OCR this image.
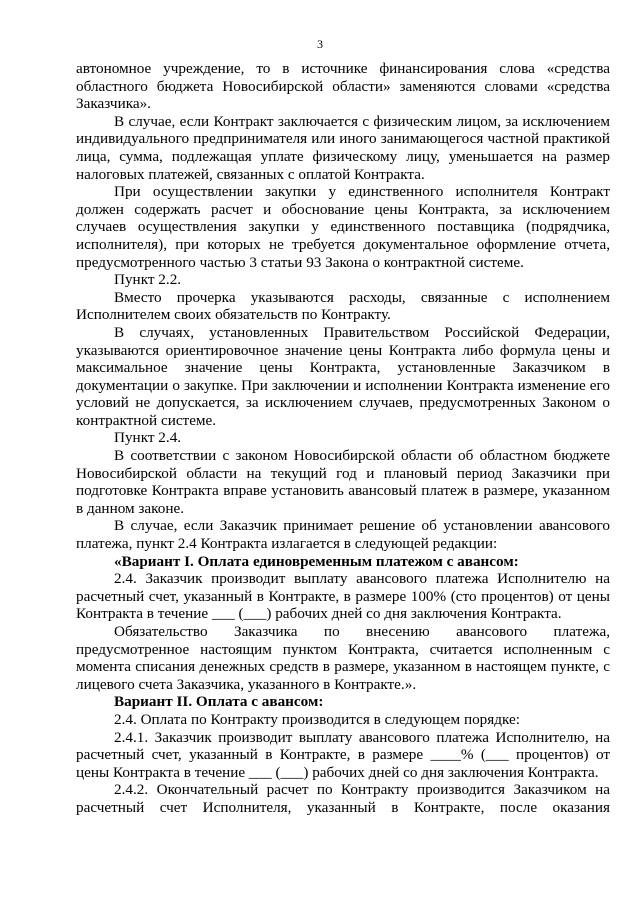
3

автономное учреждение, то в источнике финансирования слова «средства областного бюджета Новосибирской области» заменяются словами «средства Заказчика».

В случае, если Контракт заключается с физическим лицом, за исключением индивидуального предпринимателя или иного занимающегося частной практикой лица, сумма, подлежащая уплате физическому лицу, уменьшается на размер налоговых платежей, связанных с оплатой Контракта.

При осуществлении закупки у единственного исполнителя Контракт должен содержать расчет и обоснование цены Контракта, за исключением случаев осуществления закупки у единственного поставщика (подрядчика, исполнителя), при которых не требуется документальное оформление отчета, предусмотренного частью 3 статьи 93 Закона о контрактной системе.

Пункт 2.2.

Вместо прочерка указываются расходы, связанные с исполнением Исполнителем своих обязательств по Контракту.

В случаях, установленных Правительством Российской Федерации, указываются ориентировочное значение цены Контракта либо формула цены и максимальное значение цены Контракта, установленные Заказчиком в документации о закупке. При заключении и исполнении Контракта изменение его условий не допускается, за исключением случаев, предусмотренных Законом о контрактной системе.

Пункт 2.4.

В соответствии с законом Новосибирской области об областном бюджете Новосибирской области на текущий год и плановый период Заказчики при подготовке Контракта вправе установить авансовый платеж в размере, указанном в данном законе.

В случае, если Заказчик принимает решение об установлении авансового платежа, пункт 2.4 Контракта излагается в следующей редакции:

«Вариант I. Оплата единовременным платежом с авансом:

2.4. Заказчик производит выплату авансового платежа Исполнителю на расчетный счет, указанный в Контракте, в размере 100% (сто процентов) от цены Контракта в течение ___ (___) рабочих дней со дня заключения Контракта.

Обязательство Заказчика по внесению авансового платежа, предусмотренное настоящим пунктом Контракта, считается исполненным с момента списания денежных средств в размере, указанном в настоящем пункте, с лицевого счета Заказчика, указанного в Контракте.».

Вариант II. Оплата с авансом:

2.4. Оплата по Контракту производится в следующем порядке:

2.4.1. Заказчик производит выплату авансового платежа Исполнителю, на расчетный счет, указанный в Контракте, в размере ____% (___ процентов) от цены Контракта в течение ___ (___) рабочих дней со дня заключения Контракта.

2.4.2. Окончательный расчет по Контракту производится Заказчиком на расчетный счет Исполнителя, указанный в Контракте, после оказания
